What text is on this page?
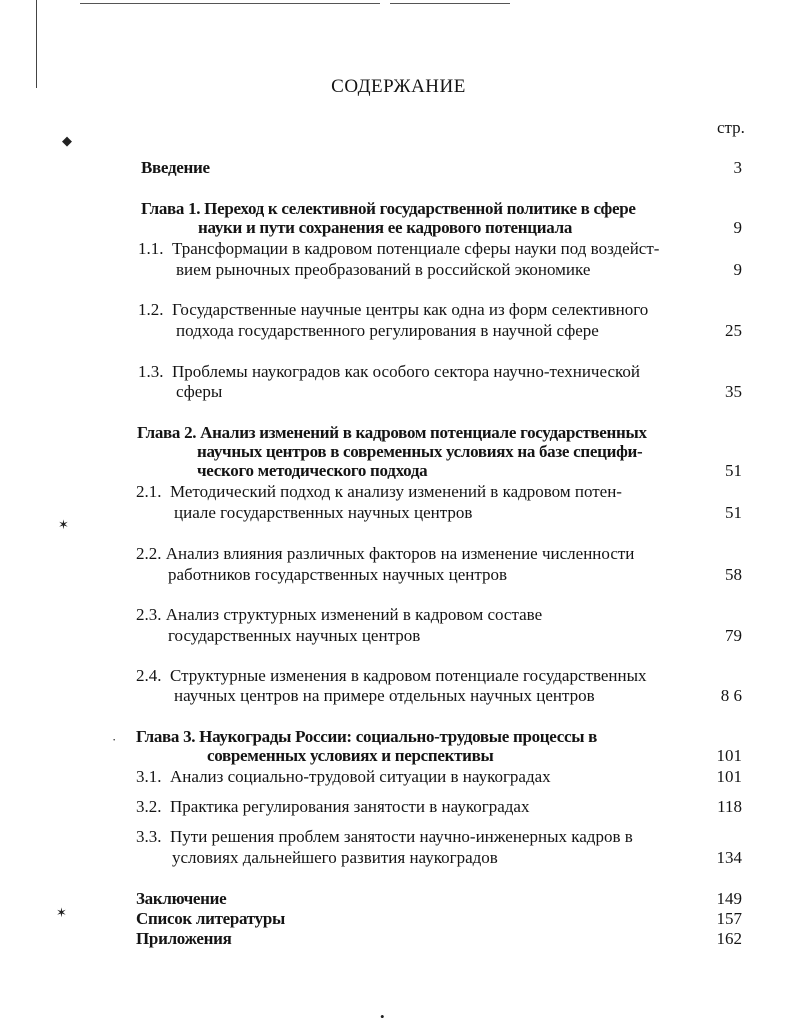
◆
✶
✶
·
•
СОДЕРЖАНИЕ
стр.
Введение	3
Глава 1. Переход к селективной государственной политике в сфере
науки и пути сохранения ее кадрового потенциала	9
1.1. Трансформации в кадровом потенциале сферы науки под воздейст-
вием рыночных преобразований в российской экономике	9
1.2. Государственные научные центры как одна из форм селективного
подхода государственного регулирования в научной сфере	25
1.3. Проблемы наукоградов как особого сектора научно-технической
сферы	35
Глава 2. Анализ изменений в кадровом потенциале государственных
научных центров в современных условиях на базе специфи-
ческого методического подхода	51
2.1. Методический подход к анализу изменений в кадровом потен-
циале государственных научных центров	51
2.2. Анализ влияния различных факторов на изменение численности
работников государственных научных центров	58
2.3. Анализ структурных изменений в кадровом составе
государственных научных центров	79
2.4. Структурные изменения в кадровом потенциале государственных
научных центров на примере отдельных научных центров	8 6
Глава 3. Наукограды России: социально-трудовые процессы в
современных условиях и перспективы	101
3.1. Анализ социально-трудовой ситуации в наукоградах	101
3.2. Практика регулирования занятости в наукоградах	118
3.3. Пути решения проблем занятости научно-инженерных кадров в
условиях дальнейшего развития наукоградов	134
Заключение	149
Список литературы	157
Приложения	162
